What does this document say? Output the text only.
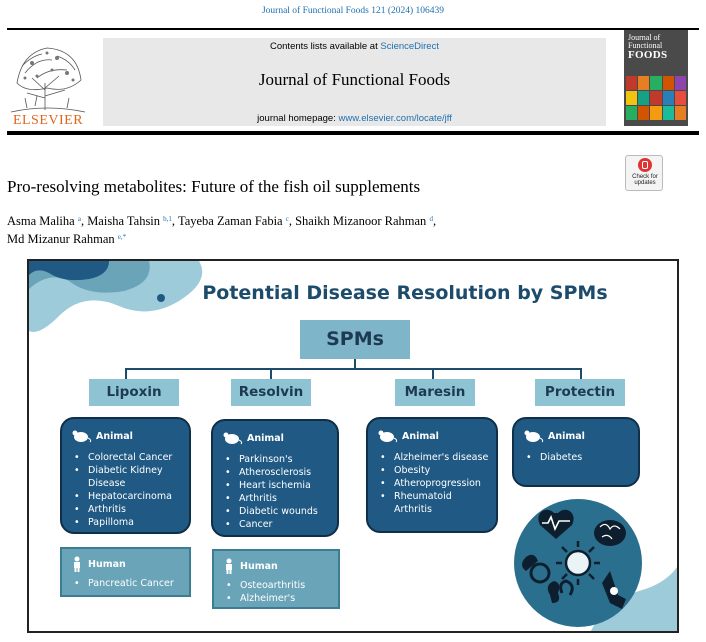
Journal of Functional Foods 121 (2024) 106439
ELSEVIER
Contents lists available at ScienceDirect
Journal of Functional Foods
journal homepage: www.elsevier.com/locate/jff
Journal of
Functional
FOODS
Check for
updates
Pro-resolving metabolites: Future of the fish oil supplements
Asma Maliha $^a$, Maisha Tahsin $^{b,1}$, Tayeba Zaman Fabia $^c$, Shaikh Mizanoor Rahman $^d$,
Md Mizanur Rahman $^{e,*}$
Potential Disease Resolution by SPMs
SPMs
Lipoxin	Resolvin	Maresin	Protectin
Animal
• Colorectal Cancer
• Diabetic Kidney Disease
• Hepatocarcinoma
• Arthritis
• Papilloma
Animal
• Parkinson's
• Atherosclerosis
• Heart ischemia
• Arthritis
• Diabetic wounds
• Cancer
Animal
• Alzheimer's disease
• Obesity
• Atheroprogression
• Rheumatoid Arthritis
Animal
• Diabetes
Human
• Pancreatic Cancer
Human
• Osteoarthritis
• Alzheimer's
